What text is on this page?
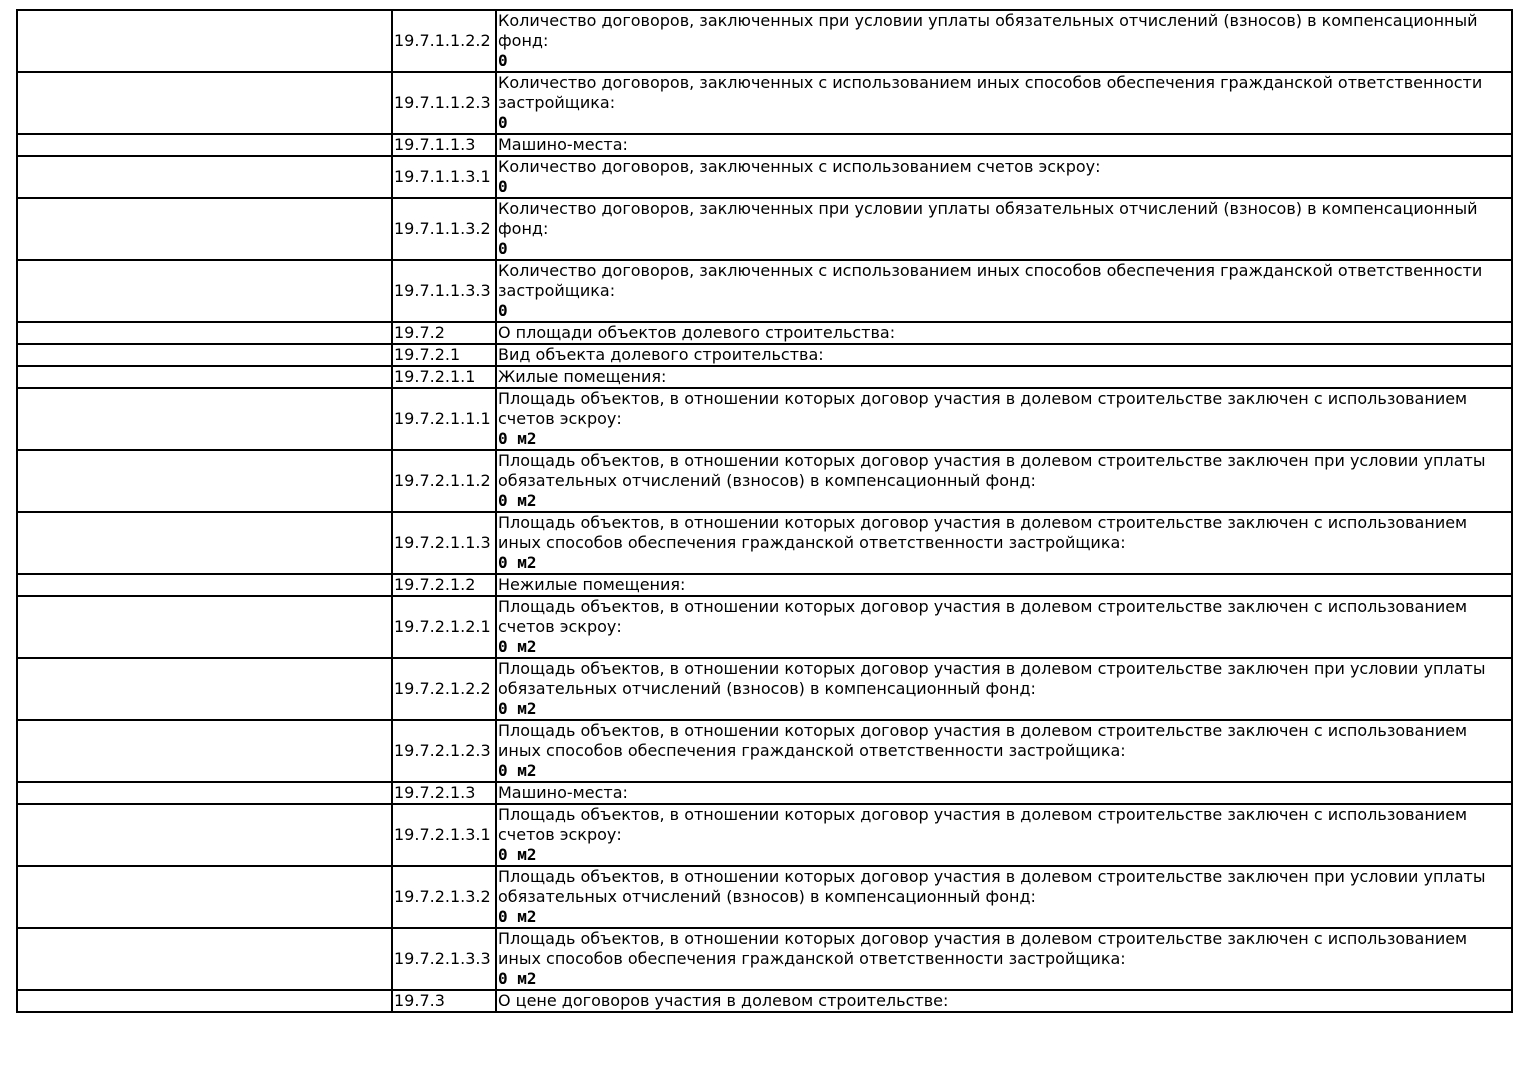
	19.7.1.1.2.2	Количество договоров, заключенных при условии уплаты обязательных отчислений (взносов) в компенсационный фонд:
0

	19.7.1.1.2.3	Количество договоров, заключенных с использованием иных способов обеспечения гражданской ответственности застройщика:
0

	19.7.1.1.3	Машино-места:

	19.7.1.1.3.1	Количество договоров, заключенных с использованием счетов эскроу:
0

	19.7.1.1.3.2	Количество договоров, заключенных при условии уплаты обязательных отчислений (взносов) в компенсационный фонд:
0

	19.7.1.1.3.3	Количество договоров, заключенных с использованием иных способов обеспечения гражданской ответственности застройщика:
0

	19.7.2	О площади объектов долевого строительства:

	19.7.2.1	Вид объекта долевого строительства:

	19.7.2.1.1	Жилые помещения:

	19.7.2.1.1.1	Площадь объектов, в отношении которых договор участия в долевом строительстве заключен с использованием счетов эскроу:
0 м2

	19.7.2.1.1.2	Площадь объектов, в отношении которых договор участия в долевом строительстве заключен при условии уплаты обязательных отчислений (взносов) в компенсационный фонд:
0 м2

	19.7.2.1.1.3	Площадь объектов, в отношении которых договор участия в долевом строительстве заключен с использованием иных способов обеспечения гражданской ответственности застройщика:
0 м2

	19.7.2.1.2	Нежилые помещения:

	19.7.2.1.2.1	Площадь объектов, в отношении которых договор участия в долевом строительстве заключен с использованием счетов эскроу:
0 м2

	19.7.2.1.2.2	Площадь объектов, в отношении которых договор участия в долевом строительстве заключен при условии уплаты обязательных отчислений (взносов) в компенсационный фонд:
0 м2

	19.7.2.1.2.3	Площадь объектов, в отношении которых договор участия в долевом строительстве заключен с использованием иных способов обеспечения гражданской ответственности застройщика:
0 м2

	19.7.2.1.3	Машино-места:

	19.7.2.1.3.1	Площадь объектов, в отношении которых договор участия в долевом строительстве заключен с использованием счетов эскроу:
0 м2

	19.7.2.1.3.2	Площадь объектов, в отношении которых договор участия в долевом строительстве заключен при условии уплаты обязательных отчислений (взносов) в компенсационный фонд:
0 м2

	19.7.2.1.3.3	Площадь объектов, в отношении которых договор участия в долевом строительстве заключен с использованием иных способов обеспечения гражданской ответственности застройщика:
0 м2

	19.7.3	О цене договоров участия в долевом строительстве:
